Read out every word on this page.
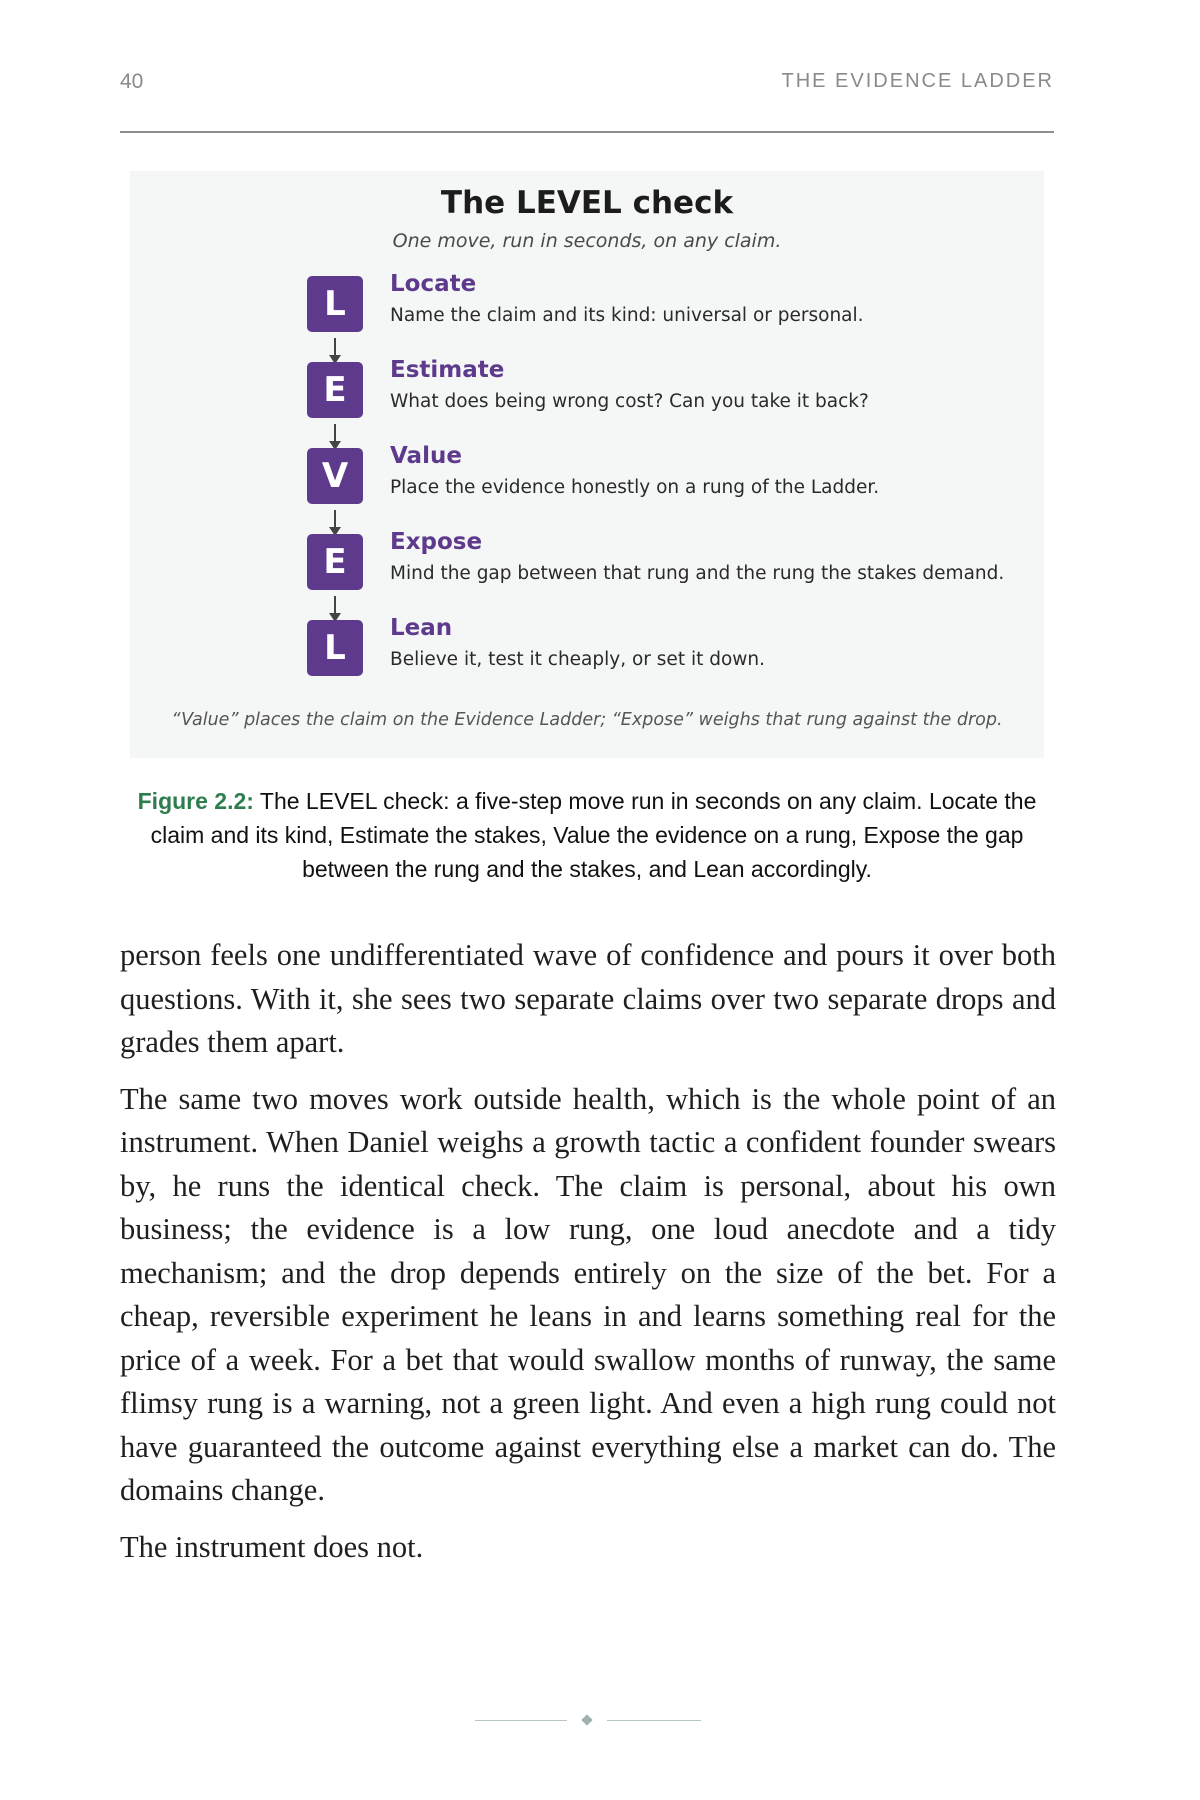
40	THE EVIDENCE LADDER
The LEVEL check
One move, run in seconds, on any claim.
L	Locate
Name the claim and its kind: universal or personal.
E	Estimate
What does being wrong cost? Can you take it back?
V	Value
Place the evidence honestly on a rung of the Ladder.
E	Expose
Mind the gap between that rung and the rung the stakes demand.
L	Lean
Believe it, test it cheaply, or set it down.
“Value” places the claim on the Evidence Ladder; “Expose” weighs that rung against the drop.
Figure 2.2: The LEVEL check: a five-step move run in seconds on any claim. Locate the claim and its kind, Estimate the stakes, Value the evidence on a rung, Expose the gap between the rung and the stakes, and Lean accordingly.

person feels one undifferentiated wave of confidence and pours it over both questions. With it, she sees two separate claims over two separate drops and grades them apart.

The same two moves work outside health, which is the whole point of an instrument. When Daniel weighs a growth tactic a confident founder swears by, he runs the identical check. The claim is personal, about his own business; the evidence is a low rung, one loud anecdote and a tidy mechanism; and the drop depends entirely on the size of the bet. For a cheap, reversible experiment he leans in and learns something real for the price of a week. For a bet that would swallow months of runway, the same flimsy rung is a warning, not a green light. And even a high rung could not have guaranteed the outcome against everything else a market can do. The domains change.

The instrument does not.
